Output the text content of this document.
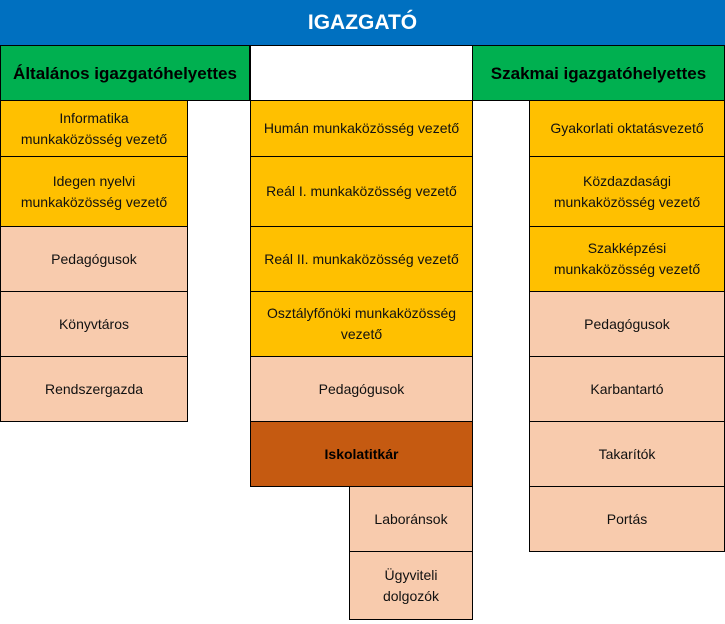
IGAZGATÓ
Általános igazgatóhelyettes
Informatika munkaközösség vezető
Idegen nyelvi munkaközösség vezető
Pedagógusok
Könyvtáros
Rendszergazda
Humán munkaközösség vezető
Reál I. munkaközösség vezető
Reál II. munkaközösség vezető
Osztályfőnöki munkaközösség vezető
Pedagógusok
Iskolatitkár
Laboránsok
Ügyviteli dolgozók
Szakmai igazgatóhelyettes
Gyakorlati oktatásvezető
Közdazdasági munkaközösség vezető
Szakképzési munkaközösség vezető
Pedagógusok
Karbantartó
Takarítók
Portás
